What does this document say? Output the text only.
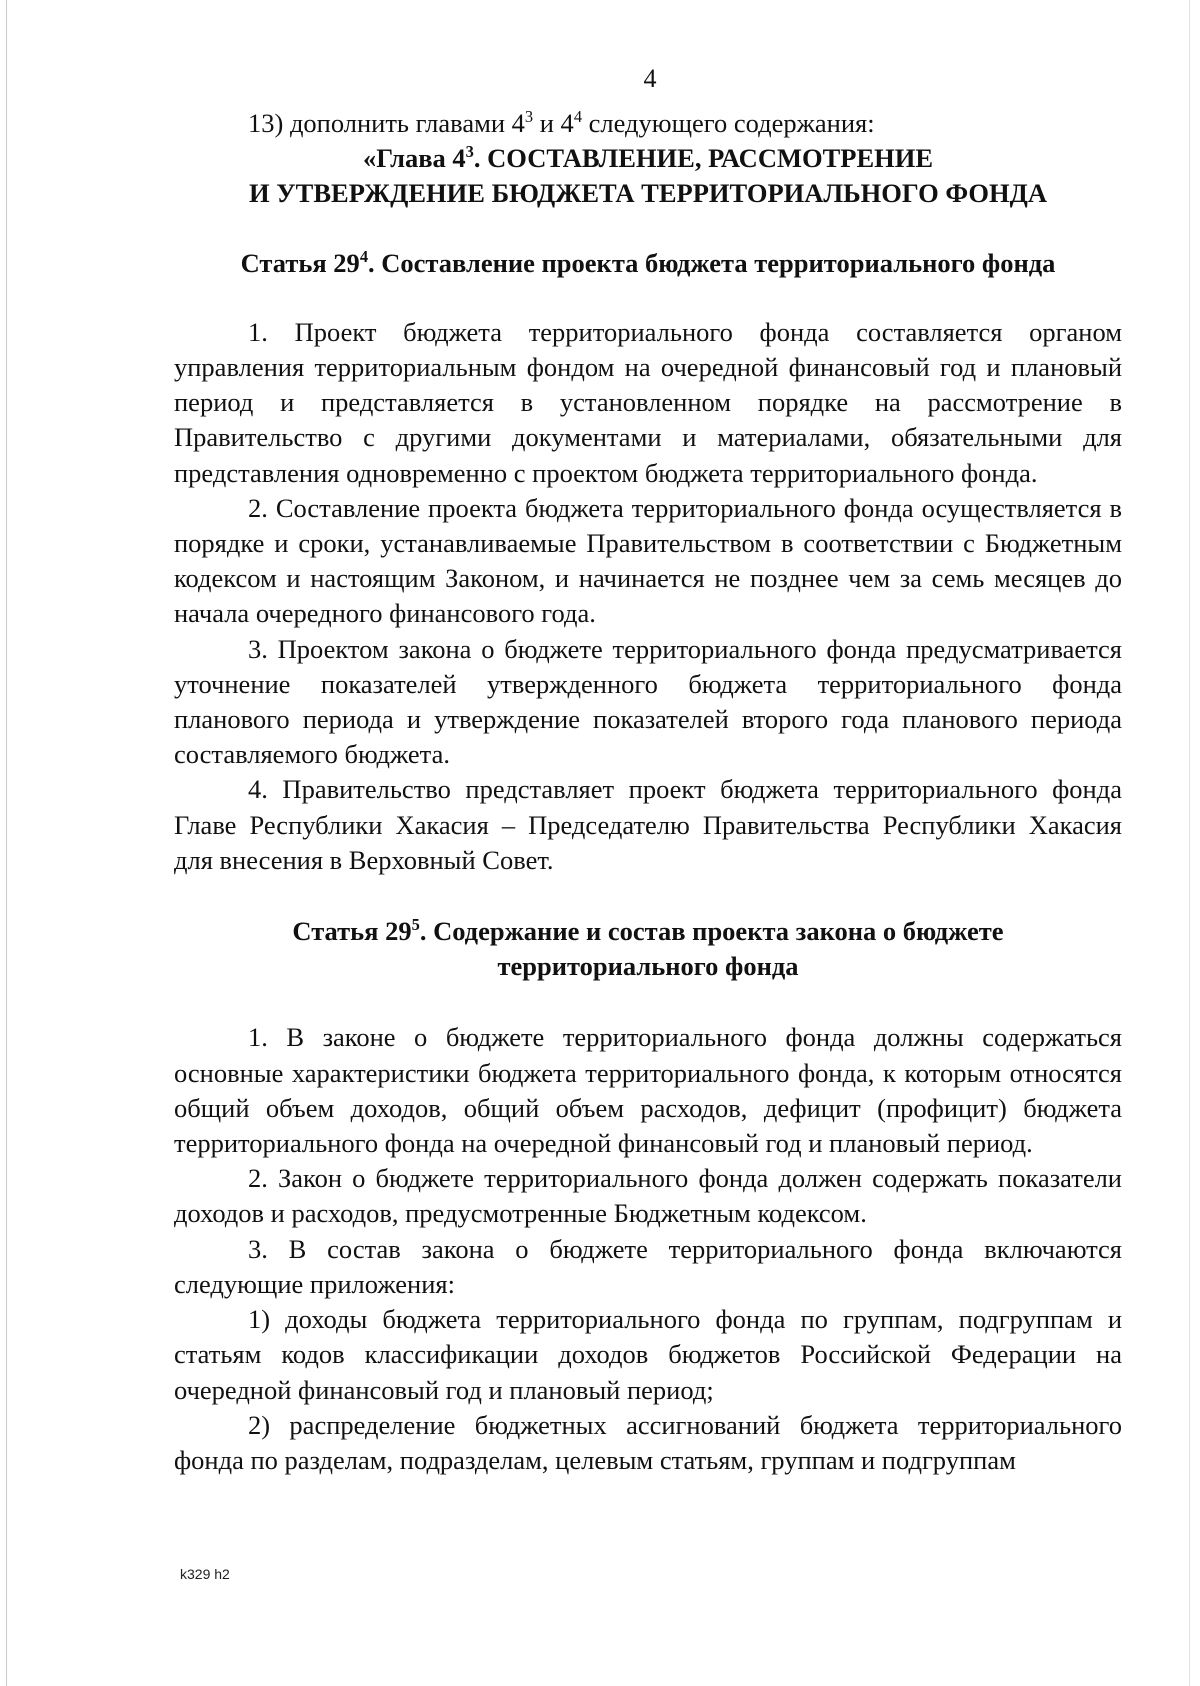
4

13) дополнить главами $4^3$ и $4^4$ следующего содержания:

«Глава $4^3$. СОСТАВЛЕНИЕ, РАССМОТРЕНИЕ
И УТВЕРЖДЕНИЕ БЮДЖЕТА ТЕРРИТОРИАЛЬНОГО ФОНДА

Статья $29^4$. Составление проекта бюджета территориального фонда

1. Проект бюджета территориального фонда составляется органом управления территориальным фондом на очередной финансовый год и плановый период и представляется в установленном порядке на рассмотрение в Правительство с другими документами и материалами, обязательными для представления одновременно с проектом бюджета территориального фонда.

2. Составление проекта бюджета территориального фонда осуществляется в порядке и сроки, устанавливаемые Правительством в соответствии с Бюджетным кодексом и настоящим Законом, и начинается не позднее чем за семь месяцев до начала очередного финансового года.

3. Проектом закона о бюджете территориального фонда предусматривается уточнение показателей утвержденного бюджета территориального фонда планового периода и утверждение показателей второго года планового периода составляемого бюджета.

4. Правительство представляет проект бюджета территориального фонда Главе Республики Хакасия – Председателю Правительства Республики Хакасия для внесения в Верховный Совет.

Статья $29^5$. Содержание и состав проекта закона о бюджете
территориального фонда

1. В законе о бюджете территориального фонда должны содержаться основные характеристики бюджета территориального фонда, к которым относятся общий объем доходов, общий объем расходов, дефицит (профицит) бюджета территориального фонда на очередной финансовый год и плановый период.

2. Закон о бюджете территориального фонда должен содержать показатели доходов и расходов, предусмотренные Бюджетным кодексом.

3. В состав закона о бюджете территориального фонда включаются следующие приложения:

1) доходы бюджета территориального фонда по группам, подгруппам и статьям кодов классификации доходов бюджетов Российской Федерации на очередной финансовый год и плановый период;

2) распределение бюджетных ассигнований бюджета территориального фонда по разделам, подразделам, целевым статьям, группам и подгруппам

k329 h2
